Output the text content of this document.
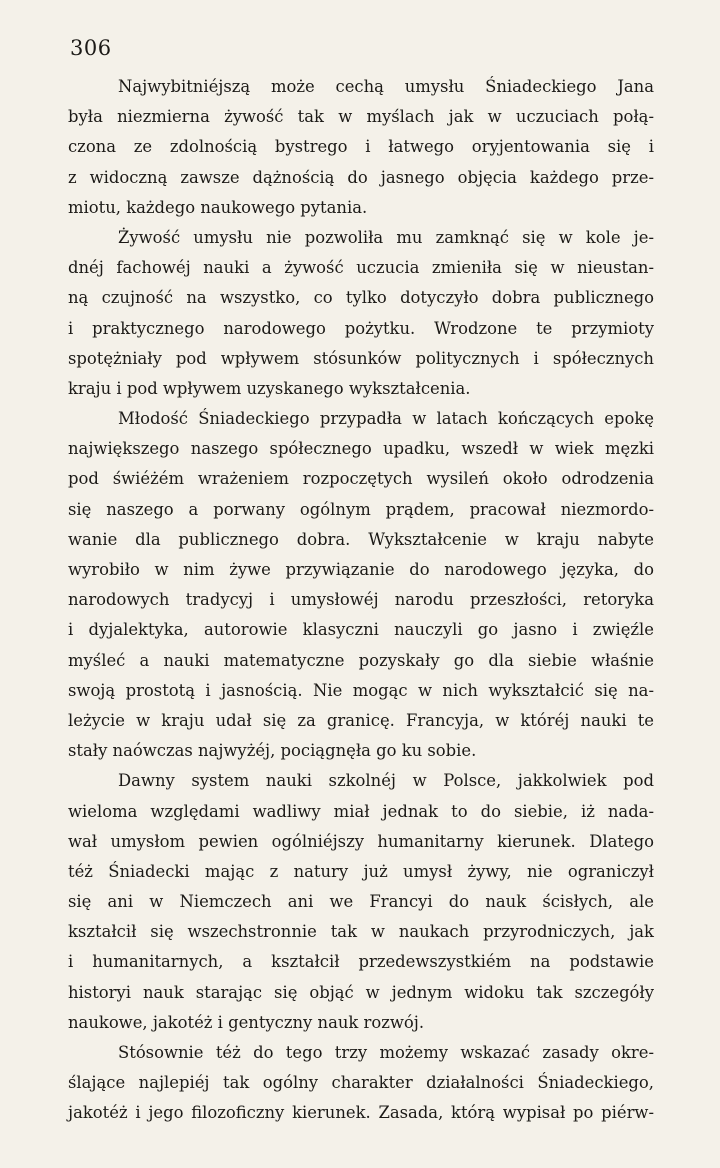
306
Najwybitniéjszą może cechą umysłu Śniadeckiego Jana
była niezmierna żywość tak w myślach jak w uczuciach połą-
czona ze zdolnością bystrego i łatwego oryjentowania się i
z widoczną zawsze dążnością do jasnego objęcia każdego prze-
miotu, każdego naukowego pytania.
Żywość umysłu nie pozwoliła mu zamknąć się w kole je-
dnéj fachowéj nauki a żywość uczucia zmieniła się w nieustan-
ną czujność na wszystko, co tylko dotyczyło dobra publicznego
i praktycznego narodowego pożytku. Wrodzone te przymioty
spotężniały pod wpływem stósunków politycznych i spółecznych
kraju i pod wpływem uzyskanego wykształcenia.
Młodość Śniadeckiego przypadła w latach kończących epokę
największego naszego spółecznego upadku, wszedł w wiek męzki
pod świéżém wrażeniem rozpoczętych wysileń około odrodzenia
się naszego a porwany ogólnym prądem, pracował niezmordo-
wanie dla publicznego dobra. Wykształcenie w kraju nabyte
wyrobiło w nim żywe przywiązanie do narodowego języka, do
narodowych tradycyj i umysłowéj narodu przeszłości, retoryka
i dyjalektyka, autorowie klasyczni nauczyli go jasno i zwięźle
myśleć a nauki matematyczne pozyskały go dla siebie właśnie
swoją prostotą i jasnością. Nie mogąc w nich wykształcić się na-
leżycie w kraju udał się za granicę. Francyja, w któréj nauki te
stały naówczas najwyżéj, pociągnęła go ku sobie.
Dawny system nauki szkolnéj w Polsce, jakkolwiek pod
wieloma względami wadliwy miał jednak to do siebie, iż nada-
wał umysłom pewien ogólniéjszy humanitarny kierunek. Dlatego
téż Śniadecki mając z natury już umysł żywy, nie ograniczył
się ani w Niemczech ani we Francyi do nauk ścisłych, ale
kształcił się wszechstronnie tak w naukach przyrodniczych, jak
i humanitarnych, a kształcił przedewszystkiém na podstawie
historyi nauk starając się objąć w jednym widoku tak szczegóły
naukowe, jakotéż i gentyczny nauk rozwój.
Stósownie téż do tego trzy możemy wskazać zasady okre-
ślające najlepiéj tak ogólny charakter działalności Śniadeckiego,
jakotéż i jego filozoficzny kierunek. Zasada, którą wypisał po piérw-
